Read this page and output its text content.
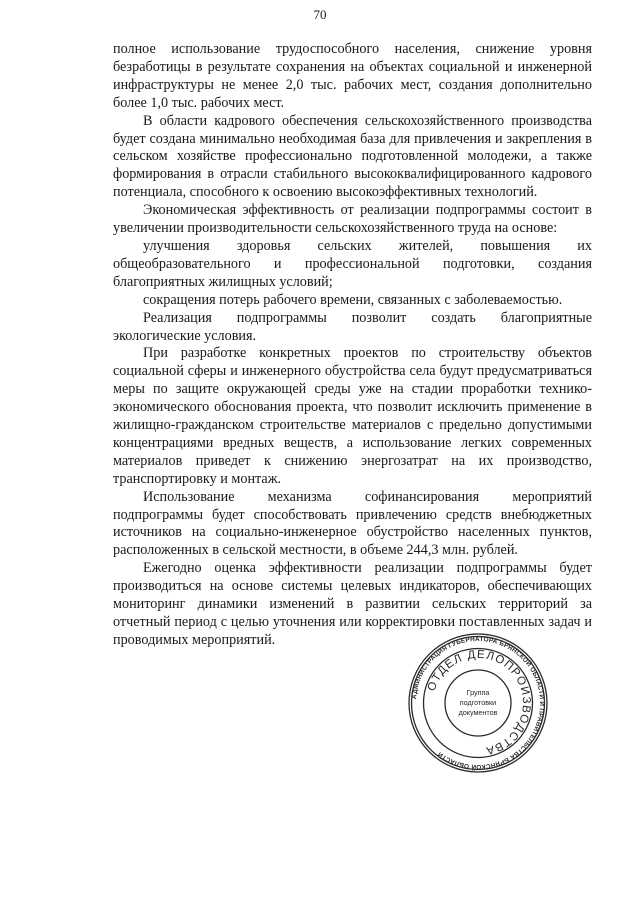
70

полное использование трудоспособного населения, снижение уровня безработицы в результате сохранения на объектах социальной и инженерной инфраструктуры не менее 2,0 тыс. рабочих мест, создания дополнительно более 1,0 тыс. рабочих мест.

В области кадрового обеспечения сельскохозяйственного производства будет создана минимально необходимая база для привлечения и закрепления в сельском хозяйстве профессионально подготовленной молодежи, а также формирования в отрасли стабильного высококвалифицированного кадрового потенциала, способного к освоению высокоэффективных технологий.

Экономическая эффективность от реализации подпрограммы состоит в увеличении производительности сельскохозяйственного труда на основе:

улучшения здоровья сельских жителей, повышения их общеобразовательного и профессиональной подготовки, создания благоприятных жилищных условий;

сокращения потерь рабочего времени, связанных с заболеваемостью.

Реализация подпрограммы позволит создать благоприятные экологические условия.

При разработке конкретных проектов по строительству объектов социальной сферы и инженерного обустройства села будут предусматриваться меры по защите окружающей среды уже на стадии проработки технико-экономического обоснования проекта, что позволит исключить применение в жилищно-гражданском строительстве материалов с предельно допустимыми концентрациями вредных веществ, а использование легких современных материалов приведет к снижению энергозатрат на их производство, транспортировку и монтаж.

Использование механизма софинансирования мероприятий подпрограммы будет способствовать привлечению средств внебюджетных источников на социально-инженерное обустройство населенных пунктов, расположенных в сельской местности, в объеме 244,3 млн. рублей.

Ежегодно оценка эффективности реализации подпрограммы будет производиться на основе системы целевых индикаторов, обеспечивающих мониторинг динамики изменений в развитии сельских территорий за отчетный период с целью уточнения или корректировки поставленных задач и проводимых мероприятий.

АДМИНИСТРАЦИЯ ГУБЕРНАТОРА БРЯНСКОЙ ОБЛАСТИ И ПРАВИТЕЛЬСТВА БРЯНСКОЙ ОБЛАСТИ
ОТДЕЛ ДЕЛОПРОИЗВОДСТВА
Группа
подготовки
документов
